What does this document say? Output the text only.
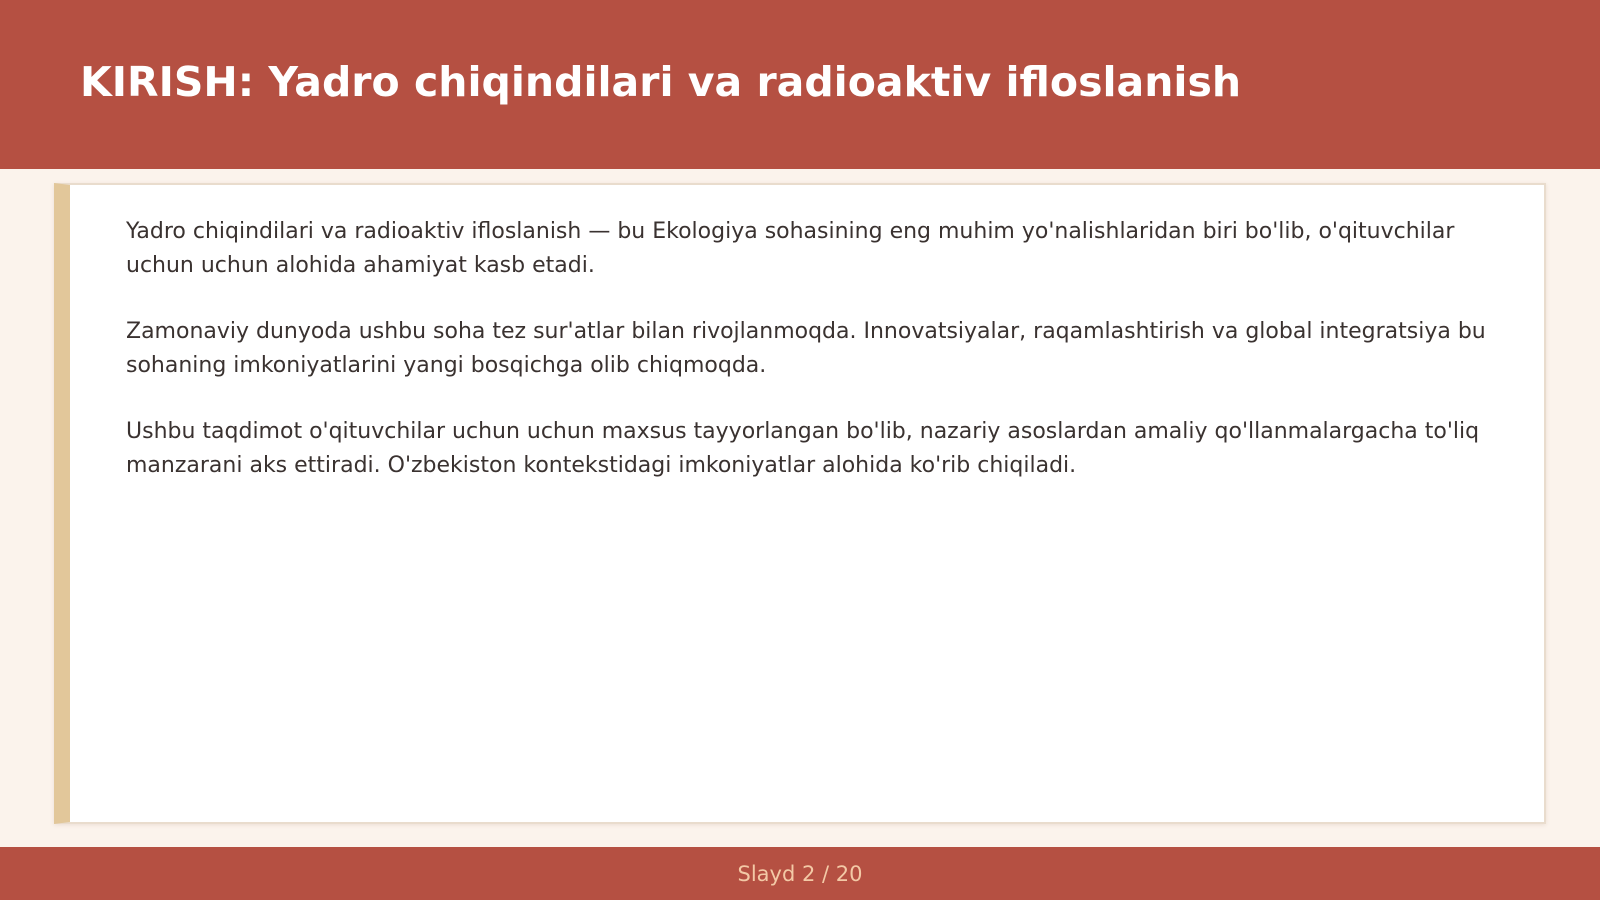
KIRISH: Yadro chiqindilari va radioaktiv ifloslanish

Yadro chiqindilari va radioaktiv ifloslanish — bu Ekologiya sohasining eng muhim yo'nalishlaridan biri bo'lib, o'qituvchilar uchun uchun alohida ahamiyat kasb etadi.

Zamonaviy dunyoda ushbu soha tez sur'atlar bilan rivojlanmoqda. Innovatsiyalar, raqamlashtirish va global integratsiya bu sohaning imkoniyatlarini yangi bosqichga olib chiqmoqda.

Ushbu taqdimot o'qituvchilar uchun uchun maxsus tayyorlangan bo'lib, nazariy asoslardan amaliy qo'llanmalargacha to'liq manzarani aks ettiradi. O'zbekiston kontekstidagi imkoniyatlar alohida ko'rib chiqiladi.

Slayd 2 / 20
